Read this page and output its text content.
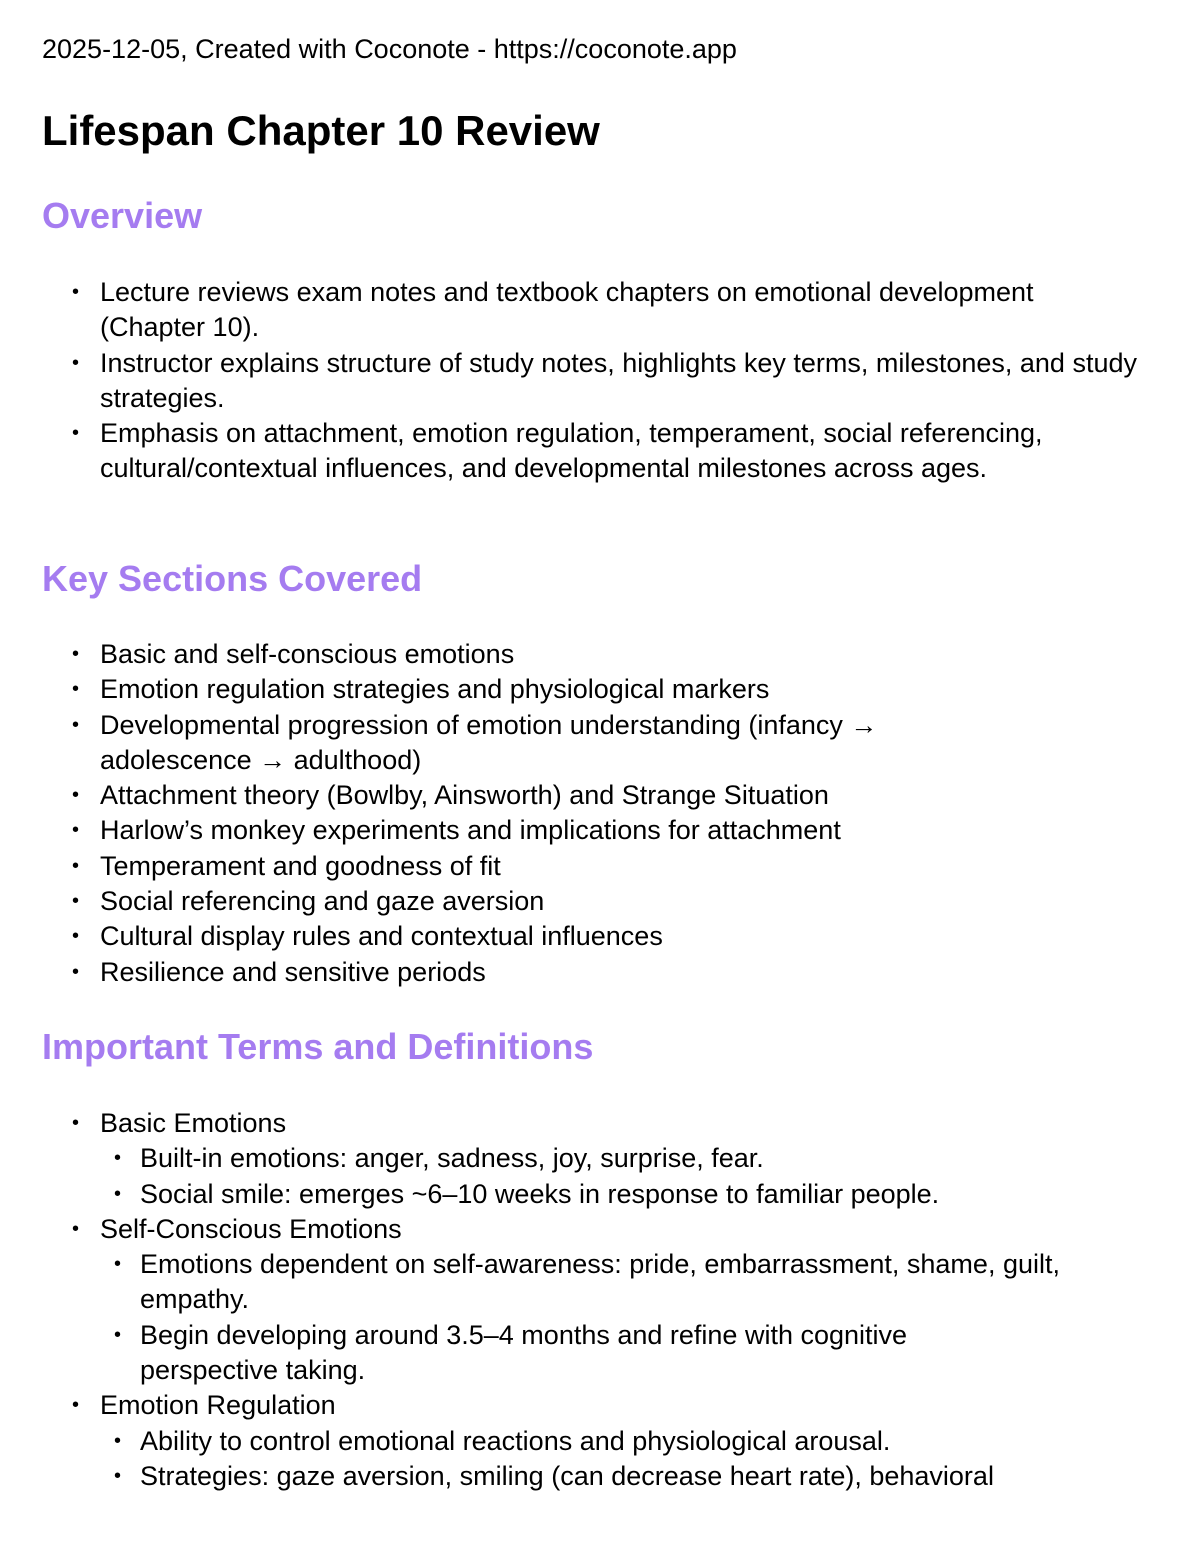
2025-12-05, Created with Coconote - https://coconote.app
Lifespan Chapter 10 Review
Overview
• Lecture reviews exam notes and textbook chapters on emotional development (Chapter 10).
• Instructor explains structure of study notes, highlights key terms, milestones, and study strategies.
• Emphasis on attachment, emotion regulation, temperament, social referencing, cultural/contextual influences, and developmental milestones across ages.
Key Sections Covered
• Basic and self-conscious emotions
• Emotion regulation strategies and physiological markers
• Developmental progression of emotion understanding (infancy → adolescence → adulthood)
• Attachment theory (Bowlby, Ainsworth) and Strange Situation
• Harlow’s monkey experiments and implications for attachment
• Temperament and goodness of fit
• Social referencing and gaze aversion
• Cultural display rules and contextual influences
• Resilience and sensitive periods
Important Terms and Definitions
• Basic Emotions
• Built-in emotions: anger, sadness, joy, surprise, fear.
• Social smile: emerges ~6–10 weeks in response to familiar people.
• Self-Conscious Emotions
• Emotions dependent on self-awareness: pride, embarrassment, shame, guilt, empathy.
• Begin developing around 3.5–4 months and refine with cognitive perspective taking.
• Emotion Regulation
• Ability to control emotional reactions and physiological arousal.
• Strategies: gaze aversion, smiling (can decrease heart rate), behavioral
